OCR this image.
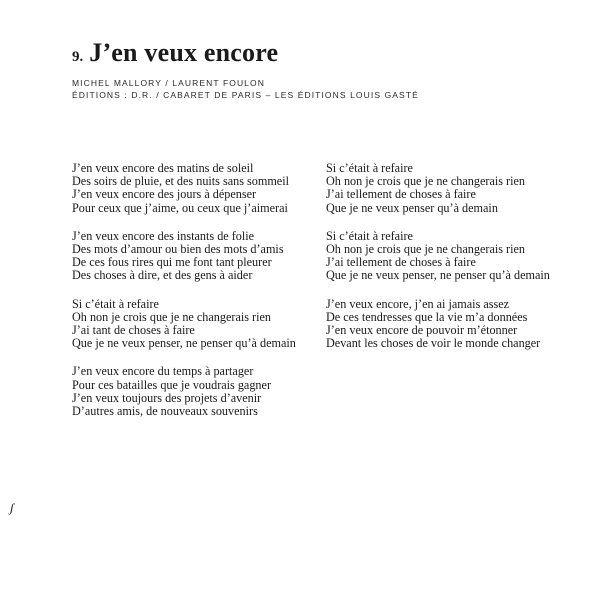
9. J’en veux encore
MICHEL MALLORY / LAURENT FOULON
ÉDITIONS : D.R. / CABARET DE PARIS – LES ÉDITIONS LOUIS GASTÉ
J’en veux encore des matins de soleil
Des soirs de pluie, et des nuits sans sommeil
J’en veux encore des jours à dépenser
Pour ceux que j’aime, ou ceux que j’aimerai
J’en veux encore des instants de folie
Des mots d’amour ou bien des mots d’amis
De ces fous rires qui me font tant pleurer
Des choses à dire, et des gens à aider
Si c’était à refaire
Oh non je crois que je ne changerais rien
J’ai tant de choses à faire
Que je ne veux penser, ne penser qu’à demain
J’en veux encore du temps à partager
Pour ces batailles que je voudrais gagner
J’en veux toujours des projets d’avenir
D’autres amis, de nouveaux souvenirs
Si c’était à refaire
Oh non je crois que je ne changerais rien
J’ai tellement de choses à faire
Que je ne veux penser qu’à demain
Si c’était à refaire
Oh non je crois que je ne changerais rien
J’ai tellement de choses à faire
Que je ne veux penser, ne penser qu’à demain
J’en veux encore, j’en ai jamais assez
De ces tendresses que la vie m’a données
J’en veux encore de pouvoir m’étonner
Devant les choses de voir le monde changer
ʃ
